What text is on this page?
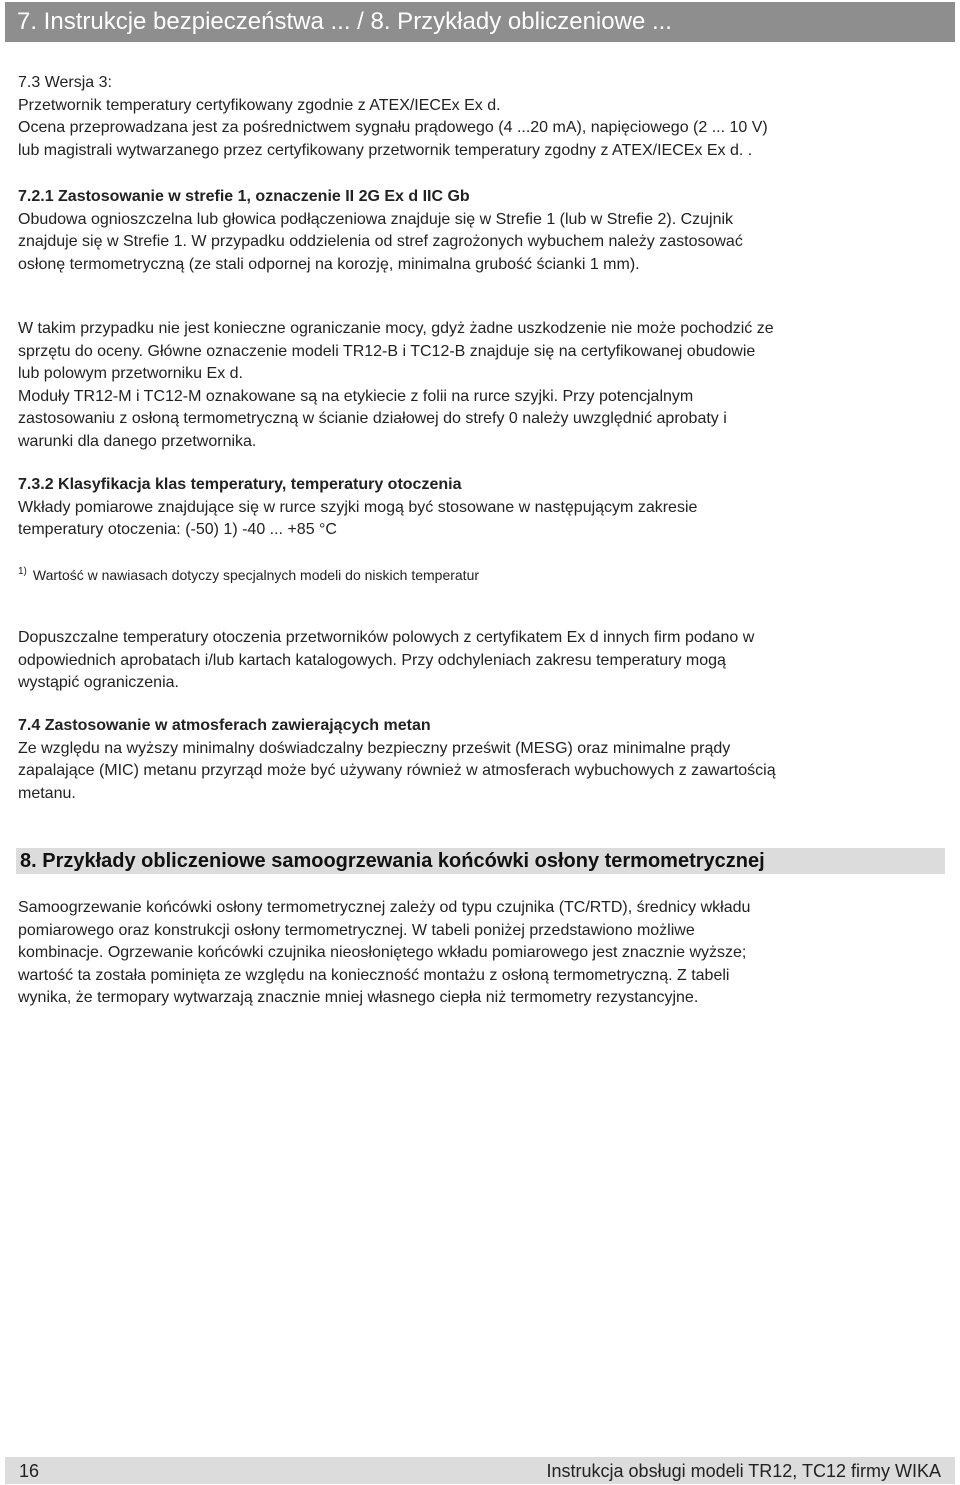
7. Instrukcje bezpieczeństwa ... / 8. Przykłady obliczeniowe ...

7.3 Wersja 3:

Przetwornik temperatury certyfikowany zgodnie z ATEX/IECEx Ex d.

Ocena przeprowadzana jest za pośrednictwem sygnału prądowego (4 ...20 mA), napięciowego (2 ... 10 V)

lub magistrali wytwarzanego przez certyfikowany przetwornik temperatury zgodny z ATEX/IECEx Ex d. .

7.2.1 Zastosowanie w strefie 1, oznaczenie II 2G Ex d IIC Gb

Obudowa ognioszczelna lub głowica podłączeniowa znajduje się w Strefie 1 (lub w Strefie 2). Czujnik

znajduje się w Strefie 1. W przypadku oddzielenia od stref zagrożonych wybuchem należy zastosować

osłonę termometryczną (ze stali odpornej na korozję, minimalna grubość ścianki 1 mm).

W takim przypadku nie jest konieczne ograniczanie mocy, gdyż żadne uszkodzenie nie może pochodzić ze

sprzętu do oceny. Główne oznaczenie modeli TR12-B i TC12-B znajduje się na certyfikowanej obudowie

lub polowym przetworniku Ex d.

Moduły TR12-M i TC12-M oznakowane są na etykiecie z folii na rurce szyjki. Przy potencjalnym

zastosowaniu z osłoną termometryczną w ścianie działowej do strefy 0 należy uwzględnić aprobaty i

warunki dla danego przetwornika.

7.3.2 Klasyfikacja klas temperatury, temperatury otoczenia

Wkłady pomiarowe znajdujące się w rurce szyjki mogą być stosowane w następującym zakresie

temperatury otoczenia: (-50) 1) -40 ... +85 °C

$^{1)}$ Wartość w nawiasach dotyczy specjalnych modeli do niskich temperatur

Dopuszczalne temperatury otoczenia przetworników polowych z certyfikatem Ex d innych firm podano w

odpowiednich aprobatach i/lub kartach katalogowych. Przy odchyleniach zakresu temperatury mogą

wystąpić ograniczenia.

7.4 Zastosowanie w atmosferach zawierających metan

Ze względu na wyższy minimalny doświadczalny bezpieczny prześwit (MESG) oraz minimalne prądy

zapalające (MIC) metanu przyrząd może być używany również w atmosferach wybuchowych z zawartością

metanu.

8. Przykłady obliczeniowe samoogrzewania końcówki osłony termometrycznej

Samoogrzewanie końcówki osłony termometrycznej zależy od typu czujnika (TC/RTD), średnicy wkładu

pomiarowego oraz konstrukcji osłony termometrycznej. W tabeli poniżej przedstawiono możliwe

kombinacje. Ogrzewanie końcówki czujnika nieosłoniętego wkładu pomiarowego jest znacznie wyższe;

wartość ta została pominięta ze względu na konieczność montażu z osłoną termometryczną. Z tabeli

wynika, że termopary wytwarzają znacznie mniej własnego ciepła niż termometry rezystancyjne.

16	Instrukcja obsługi modeli TR12, TC12 firmy WIKA
